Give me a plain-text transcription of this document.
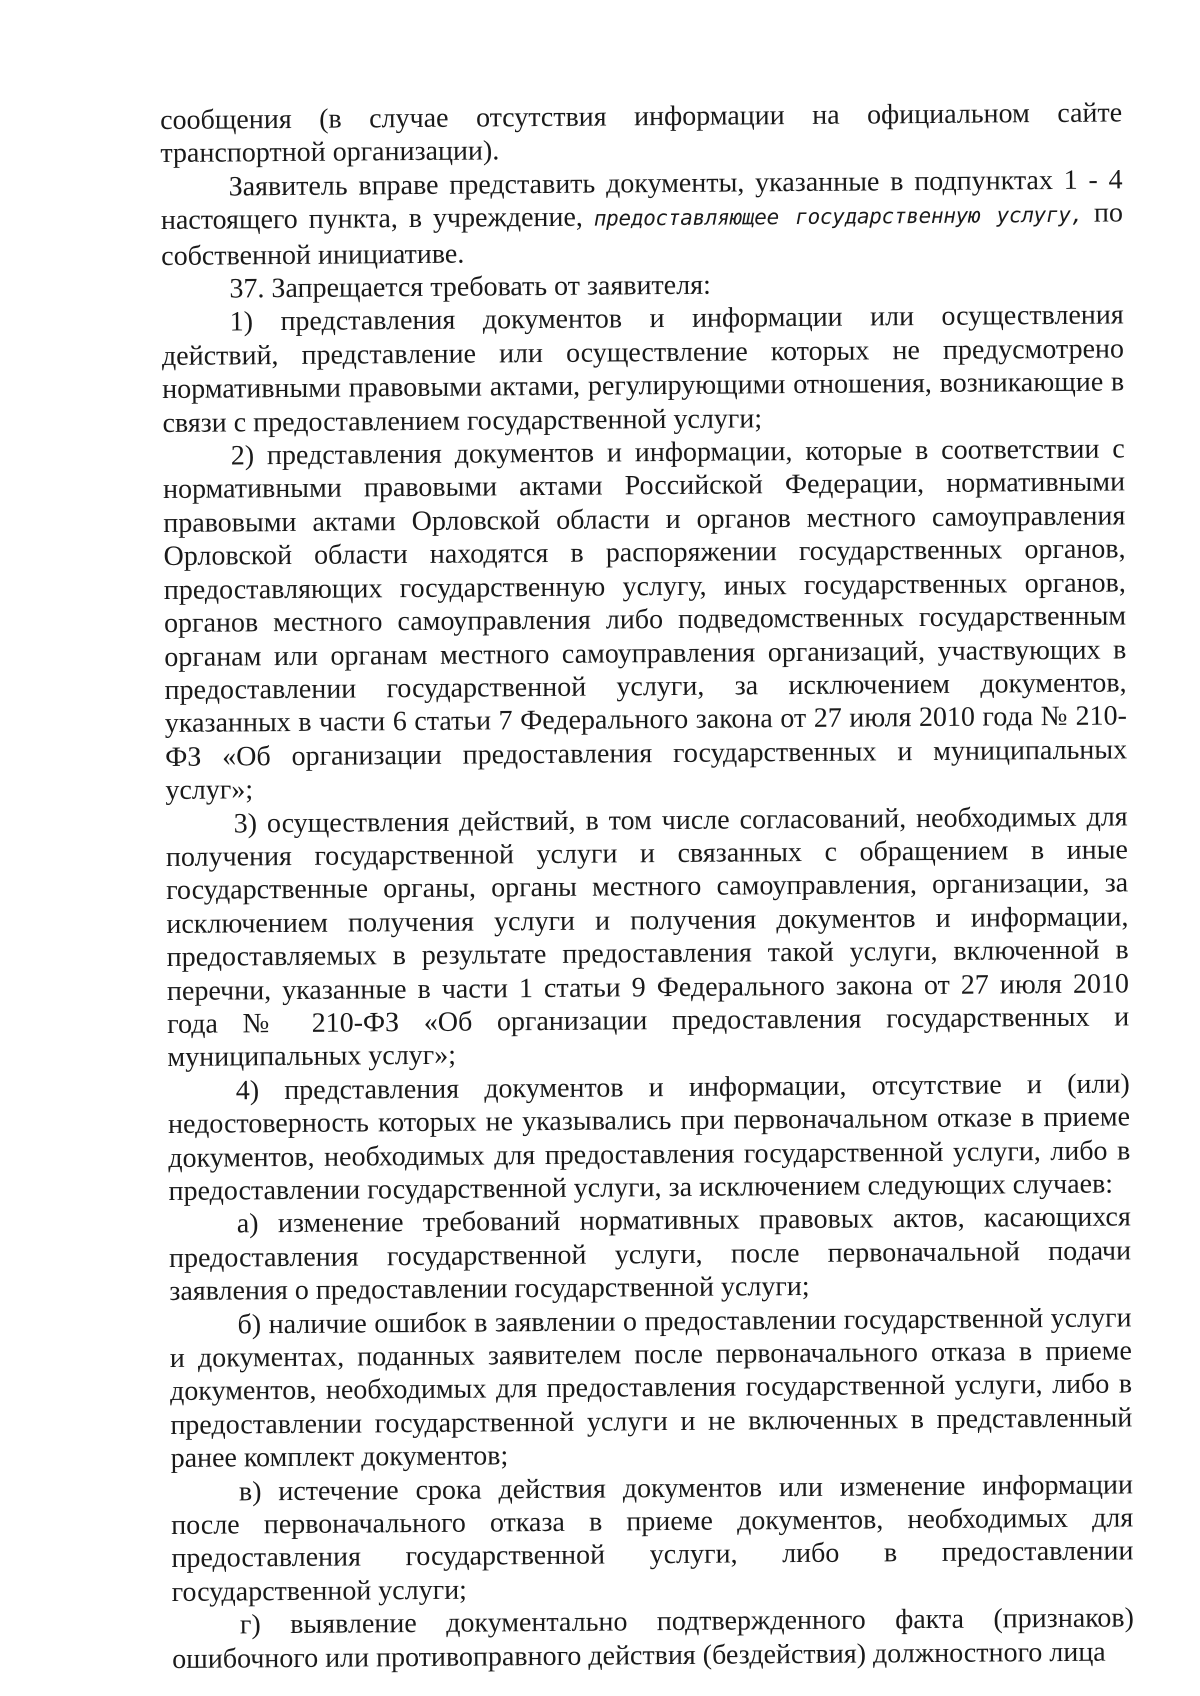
сообщения (в случае отсутствия информации на официальном сайте транспортной организации).

Заявитель вправе представить документы, указанные в подпунктах 1 - 4 настоящего пункта, в учреждение, предоставляющее государственную услугу, по собственной инициативе.

37. Запрещается требовать от заявителя:

1) представления документов и информации или осуществления действий, представление или осуществление которых не предусмотрено нормативными правовыми актами, регулирующими отношения, возникающие в связи с предоставлением государственной услуги;

2) представления документов и информации, которые в соответствии с нормативными правовыми актами Российской Федерации, нормативными правовыми актами Орловской области и органов местного самоуправления Орловской области находятся в распоряжении государственных органов, предоставляющих государственную услугу, иных государственных органов, органов местного самоуправления либо подведомственных государственным органам или органам местного самоуправления организаций, участвующих в предоставлении государственной услуги, за исключением документов, указанных в части 6 статьи 7 Федерального закона от 27 июля 2010 года № 210-ФЗ «Об организации предоставления государственных и муниципальных услуг»;

3) осуществления действий, в том числе согласований, необходимых для получения государственной услуги и связанных с обращением в иные государственные органы, органы местного самоуправления, организации, за исключением получения услуги и получения документов и информации, предоставляемых в результате предоставления такой услуги, включенной в перечни, указанные в части 1 статьи 9 Федерального закона от 27 июля 2010 года № 210-ФЗ «Об организации предоставления государственных и муниципальных услуг»;

4) представления документов и информации, отсутствие и (или) недостоверность которых не указывались при первоначальном отказе в приеме документов, необходимых для предоставления государственной услуги, либо в предоставлении государственной услуги, за исключением следующих случаев:

а) изменение требований нормативных правовых актов, касающихся предоставления государственной услуги, после первоначальной подачи заявления о предоставлении государственной услуги;

б) наличие ошибок в заявлении о предоставлении государственной услуги и документах, поданных заявителем после первоначального отказа в приеме документов, необходимых для предоставления государственной услуги, либо в предоставлении государственной услуги и не включенных в представленный ранее комплект документов;

в) истечение срока действия документов или изменение информации после первоначального отказа в приеме документов, необходимых для предоставления государственной услуги, либо в предоставлении государственной услуги;

г) выявление документально подтвержденного факта (признаков) ошибочного или противоправного действия (бездействия) должностного лица
